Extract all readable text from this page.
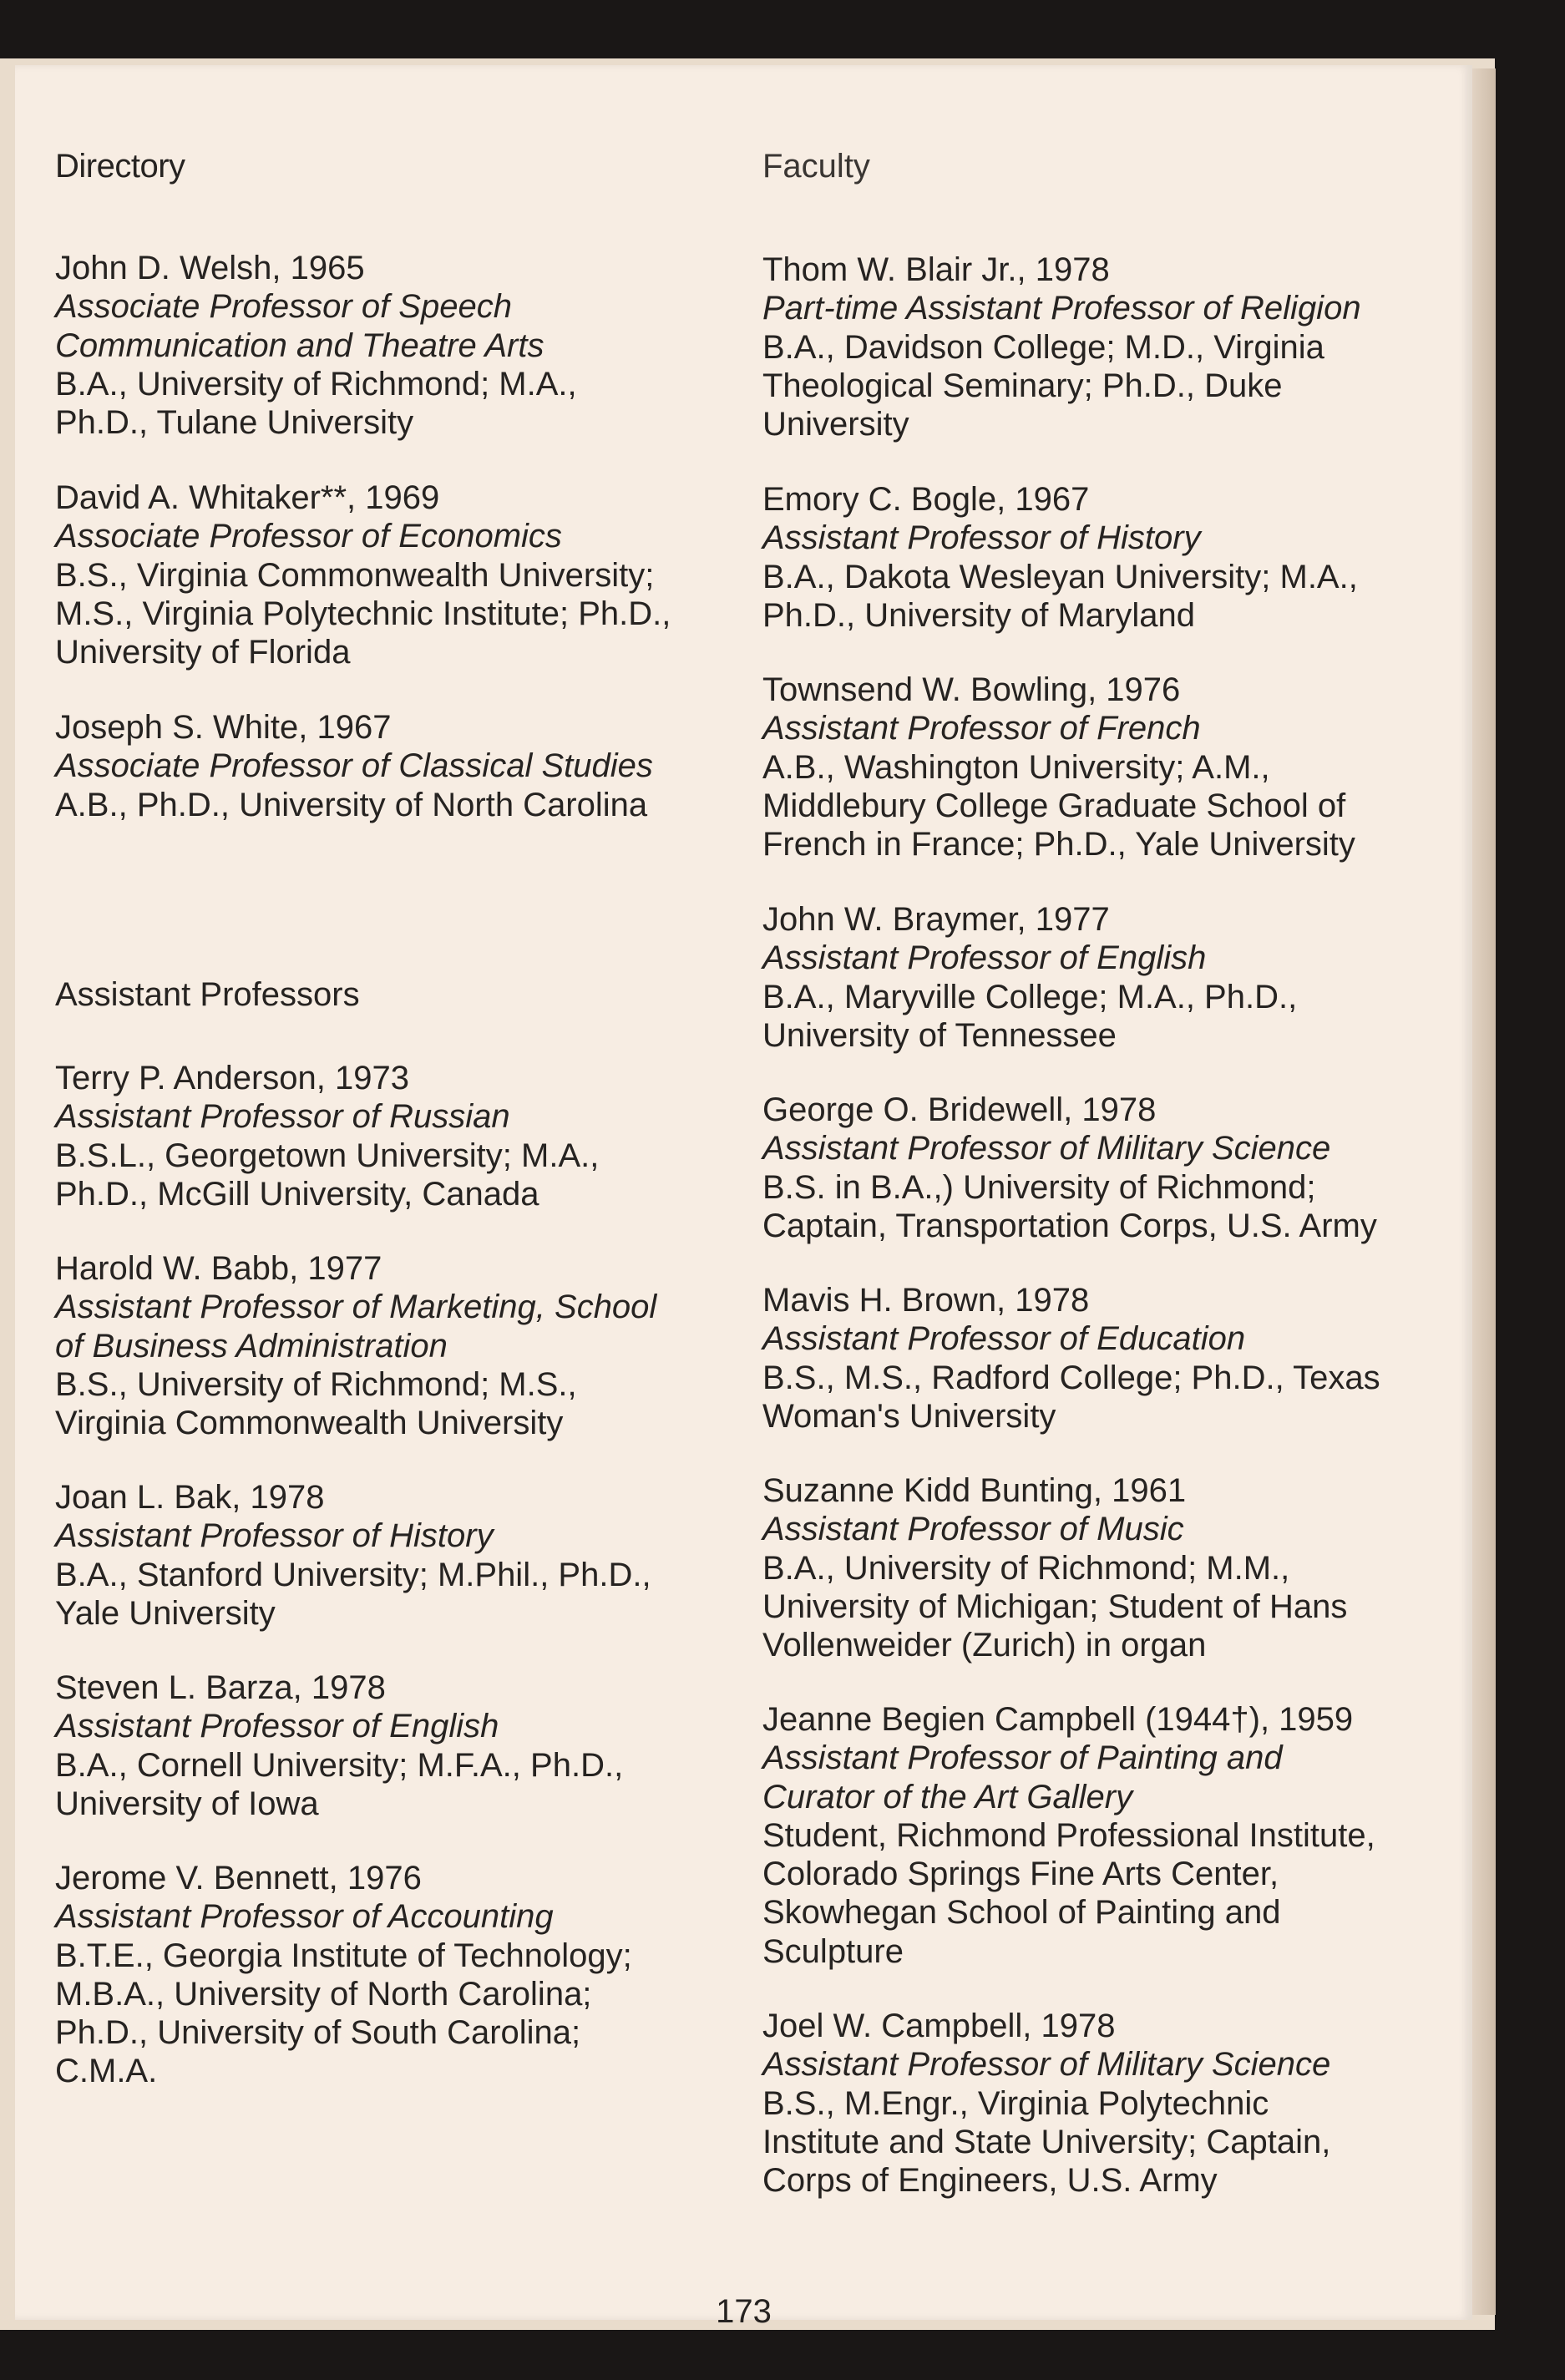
Directory
John D. Welsh, 1965
Associate Professor of Speech
Communication and Theatre Arts
B.A., University of Richmond; M.A.,
Ph.D., Tulane University
David A. Whitaker**, 1969
Associate Professor of Economics
B.S., Virginia Commonwealth University;
M.S., Virginia Polytechnic Institute; Ph.D.,
University of Florida
Joseph S. White, 1967
Associate Professor of Classical Studies
A.B., Ph.D., University of North Carolina
Assistant Professors
Terry P. Anderson, 1973
Assistant Professor of Russian
B.S.L., Georgetown University; M.A.,
Ph.D., McGill University, Canada
Harold W. Babb, 1977
Assistant Professor of Marketing, School
of Business Administration
B.S., University of Richmond; M.S.,
Virginia Commonwealth University
Joan L. Bak, 1978
Assistant Professor of History
B.A., Stanford University; M.Phil., Ph.D.,
Yale University
Steven L. Barza, 1978
Assistant Professor of English
B.A., Cornell University; M.F.A., Ph.D.,
University of Iowa
Jerome V. Bennett, 1976
Assistant Professor of Accounting
B.T.E., Georgia Institute of Technology;
M.B.A., University of North Carolina;
Ph.D., University of South Carolina;
C.M.A.
Faculty
Thom W. Blair Jr., 1978
Part-time Assistant Professor of Religion
B.A., Davidson College; M.D., Virginia
Theological Seminary; Ph.D., Duke
University
Emory C. Bogle, 1967
Assistant Professor of History
B.A., Dakota Wesleyan University; M.A.,
Ph.D., University of Maryland
Townsend W. Bowling, 1976
Assistant Professor of French
A.B., Washington University; A.M.,
Middlebury College Graduate School of
French in France; Ph.D., Yale University
John W. Braymer, 1977
Assistant Professor of English
B.A., Maryville College; M.A., Ph.D.,
University of Tennessee
George O. Bridewell, 1978
Assistant Professor of Military Science
B.S. in B.A.,) University of Richmond;
Captain, Transportation Corps, U.S. Army
Mavis H. Brown, 1978
Assistant Professor of Education
B.S., M.S., Radford College; Ph.D., Texas
Woman's University
Suzanne Kidd Bunting, 1961
Assistant Professor of Music
B.A., University of Richmond; M.M.,
University of Michigan; Student of Hans
Vollenweider (Zurich) in organ
Jeanne Begien Campbell (1944†), 1959
Assistant Professor of Painting and
Curator of the Art Gallery
Student, Richmond Professional Institute,
Colorado Springs Fine Arts Center,
Skowhegan School of Painting and
Sculpture
Joel W. Campbell, 1978
Assistant Professor of Military Science
B.S., M.Engr., Virginia Polytechnic
Institute and State University; Captain,
Corps of Engineers, U.S. Army
173
